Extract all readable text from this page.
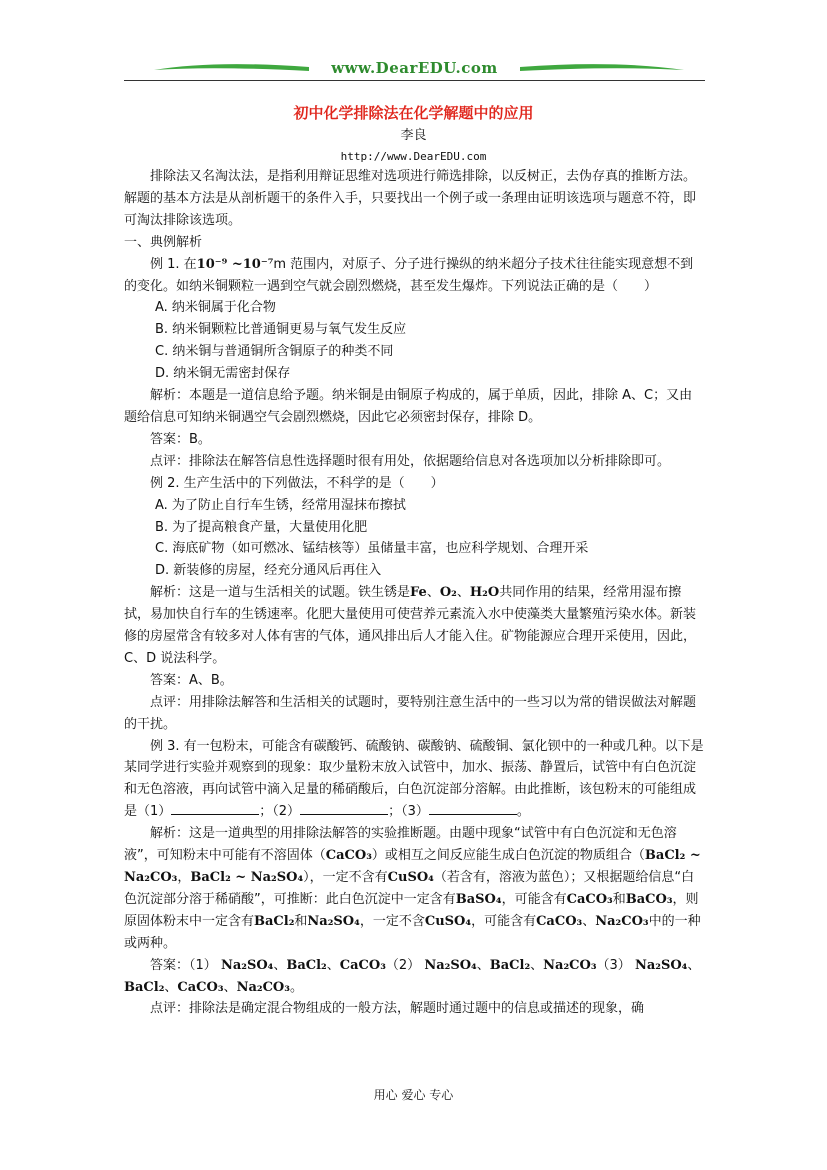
www.DearEDU.com
初中化学排除法在化学解题中的应用
李良
http://www.DearEDU.com

排除法又名淘汰法，是指利用辩证思维对选项进行筛选排除，以反树正，去伪存真的推断方法。解题的基本方法是从剖析题干的条件入手，只要找出一个例子或一条理由证明该选项与题意不符，即可淘汰排除该选项。

一、典例解析

例 1. 在10⁻⁹ ~10⁻⁷m 范围内，对原子、分子进行操纵的纳米超分子技术往往能实现意想不到的变化。如纳米铜颗粒一遇到空气就会剧烈燃烧，甚至发生爆炸。下列说法正确的是（　　）

A. 纳米铜属于化合物

B. 纳米铜颗粒比普通铜更易与氧气发生反应

C. 纳米铜与普通铜所含铜原子的种类不同

D. 纳米铜无需密封保存

解析：本题是一道信息给予题。纳米铜是由铜原子构成的，属于单质，因此，排除 A、C；又由题给信息可知纳米铜遇空气会剧烈燃烧，因此它必须密封保存，排除 D。

答案：B。

点评：排除法在解答信息性选择题时很有用处，依据题给信息对各选项加以分析排除即可。

例 2. 生产生活中的下列做法，不科学的是（　　）

A. 为了防止自行车生锈，经常用湿抹布擦拭

B. 为了提高粮食产量，大量使用化肥

C. 海底矿物（如可燃冰、锰结核等）虽储量丰富，也应科学规划、合理开采

D. 新装修的房屋，经充分通风后再住入

解析：这是一道与生活相关的试题。铁生锈是Fe、O₂、H₂O共同作用的结果，经常用湿布擦拭，易加快自行车的生锈速率。化肥大量使用可使营养元素流入水中使藻类大量繁殖污染水体。新装修的房屋常含有较多对人体有害的气体，通风排出后人才能入住。矿物能源应合理开采使用，因此，C、D 说法科学。

答案：A、B。

点评：用排除法解答和生活相关的试题时，要特别注意生活中的一些习以为常的错误做法对解题的干扰。

例 3. 有一包粉末，可能含有碳酸钙、硫酸钠、碳酸钠、硫酸铜、氯化钡中的一种或几种。以下是某同学进行实验并观察到的现象：取少量粉末放入试管中，加水、振荡、静置后，试管中有白色沉淀和无色溶液，再向试管中滴入足量的稀硝酸后，白色沉淀部分溶解。由此推断，该包粉末的可能组成是（1）	；（2）	；（3）	。

解析：这是一道典型的用排除法解答的实验推断题。由题中现象“试管中有白色沉淀和无色溶液”，可知粉末中可能有不溶固体（CaCO₃）或相互之间反应能生成白色沉淀的物质组合（BaCl₂ ~ Na₂CO₃，BaCl₂ ~ Na₂SO₄），一定不含有CuSO₄（若含有，溶液为蓝色）；又根据题给信息“白色沉淀部分溶于稀硝酸”，可推断：此白色沉淀中一定含有BaSO₄，可能含有CaCO₃和BaCO₃，则原固体粉末中一定含有BaCl₂和Na₂SO₄，一定不含CuSO₄，可能含有CaCO₃、Na₂CO₃中的一种或两种。

答案：（1） Na₂SO₄、BaCl₂、CaCO₃（2） Na₂SO₄、BaCl₂、Na₂CO₃（3） Na₂SO₄、BaCl₂、CaCO₃、Na₂CO₃。

点评：排除法是确定混合物组成的一般方法，解题时通过题中的信息或描述的现象，确

用心 爱心 专心
